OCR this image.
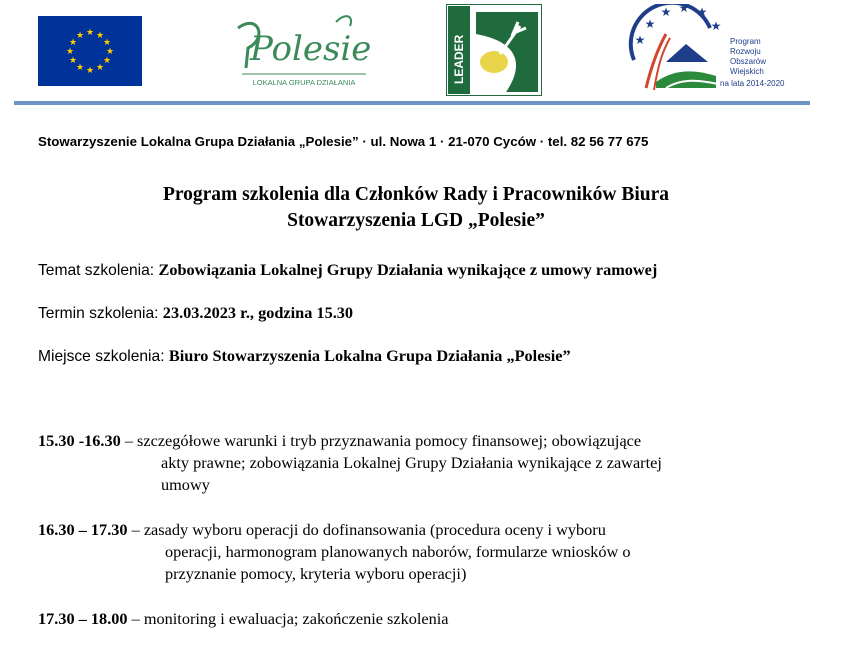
★ ★
★
★
★
★
★
★
★
★
★
★	Polesie
LOKALNA GRUPA DZIAŁANIA	LEADER	★
★
★ ★ ★
★
Program
Rozwoju
Obszarów
Wiejskich
na lata 2014-2020
Stowarzyszenie Lokalna Grupa Działania „Polesie” · ul. Nowa 1 · 21-070 Cyców · tel. 82 56 77 675
Program szkolenia dla Członków Rady i Pracowników Biura
Stowarzyszenia LGD „Polesie”
Temat szkolenia: Zobowiązania Lokalnej Grupy Działania wynikające z umowy ramowej
Termin szkolenia: 23.03.2023 r., godzina 15.30
Miejsce szkolenia: Biuro Stowarzyszenia Lokalna Grupa Działania „Polesie”
15.30 -16.30 – szczegółowe warunki i tryb przyznawania pomocy finansowej; obowiązujące
akty prawne; zobowiązania Lokalnej Grupy Działania wynikające z zawartej
umowy
16.30 – 17.30 – zasady wyboru operacji do dofinansowania (procedura oceny i wyboru
operacji, harmonogram planowanych naborów, formularze wniosków o
przyznanie pomocy, kryteria wyboru operacji)
17.30 – 18.00 – monitoring i ewaluacja; zakończenie szkolenia
